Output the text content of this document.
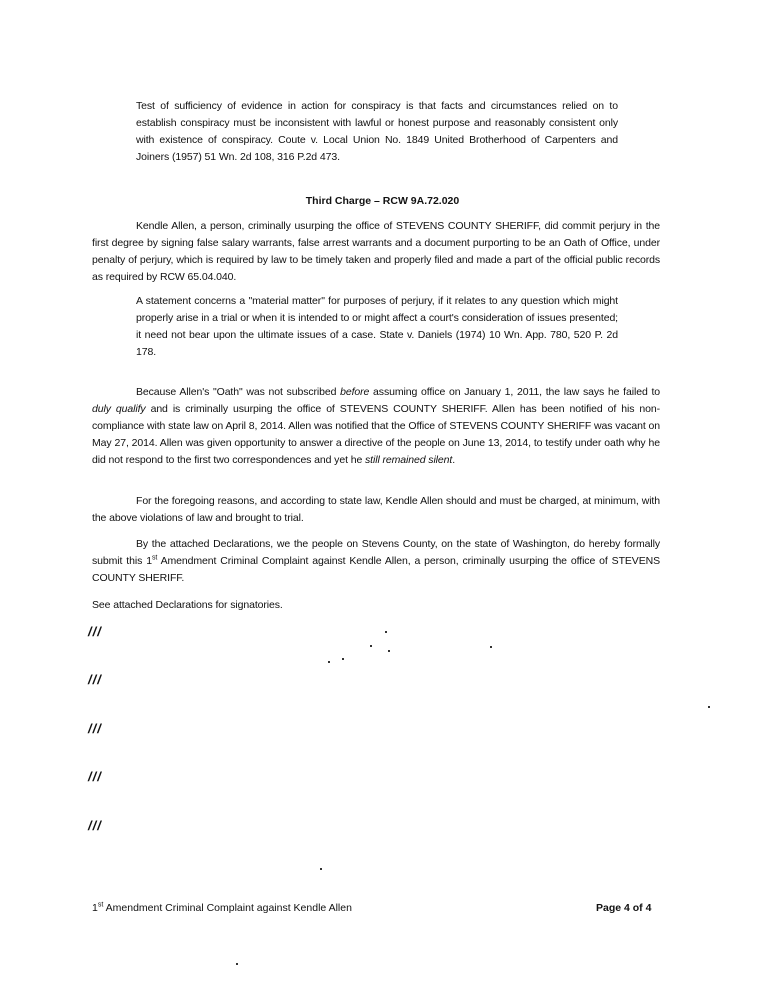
Test of sufficiency of evidence in action for conspiracy is that facts and circumstances relied on to establish conspiracy must be inconsistent with lawful or honest purpose and reasonably consistent only with existence of conspiracy. Coute v. Local Union No. 1849 United Brotherhood of Carpenters and Joiners (1957) 51 Wn. 2d 108, 316 P.2d 473.
Third Charge – RCW 9A.72.020
Kendle Allen, a person, criminally usurping the office of STEVENS COUNTY SHERIFF, did commit perjury in the first degree by signing false salary warrants, false arrest warrants and a document purporting to be an Oath of Office, under penalty of perjury, which is required by law to be timely taken and properly filed and made a part of the official public records as required by RCW 65.04.040.
A statement concerns a "material matter" for purposes of perjury, if it relates to any question which might properly arise in a trial or when it is intended to or might affect a court's consideration of issues presented; it need not bear upon the ultimate issues of a case. State v. Daniels (1974) 10 Wn. App. 780, 520 P. 2d 178.
Because Allen's "Oath" was not subscribed before assuming office on January 1, 2011, the law says he failed to duly qualify and is criminally usurping the office of STEVENS COUNTY SHERIFF. Allen has been notified of his non-compliance with state law on April 8, 2014. Allen was notified that the Office of STEVENS COUNTY SHERIFF was vacant on May 27, 2014. Allen was given opportunity to answer a directive of the people on June 13, 2014, to testify under oath why he did not respond to the first two correspondences and yet he still remained silent.
For the foregoing reasons, and according to state law, Kendle Allen should and must be charged, at minimum, with the above violations of law and brought to trial.
By the attached Declarations, we the people on Stevens County, on the state of Washington, do hereby formally submit this 1st Amendment Criminal Complaint against Kendle Allen, a person, criminally usurping the office of STEVENS COUNTY SHERIFF.
See attached Declarations for signatories.
///
///
///
///
///
1st Amendment Criminal Complaint against Kendle Allen	Page 4 of 4
